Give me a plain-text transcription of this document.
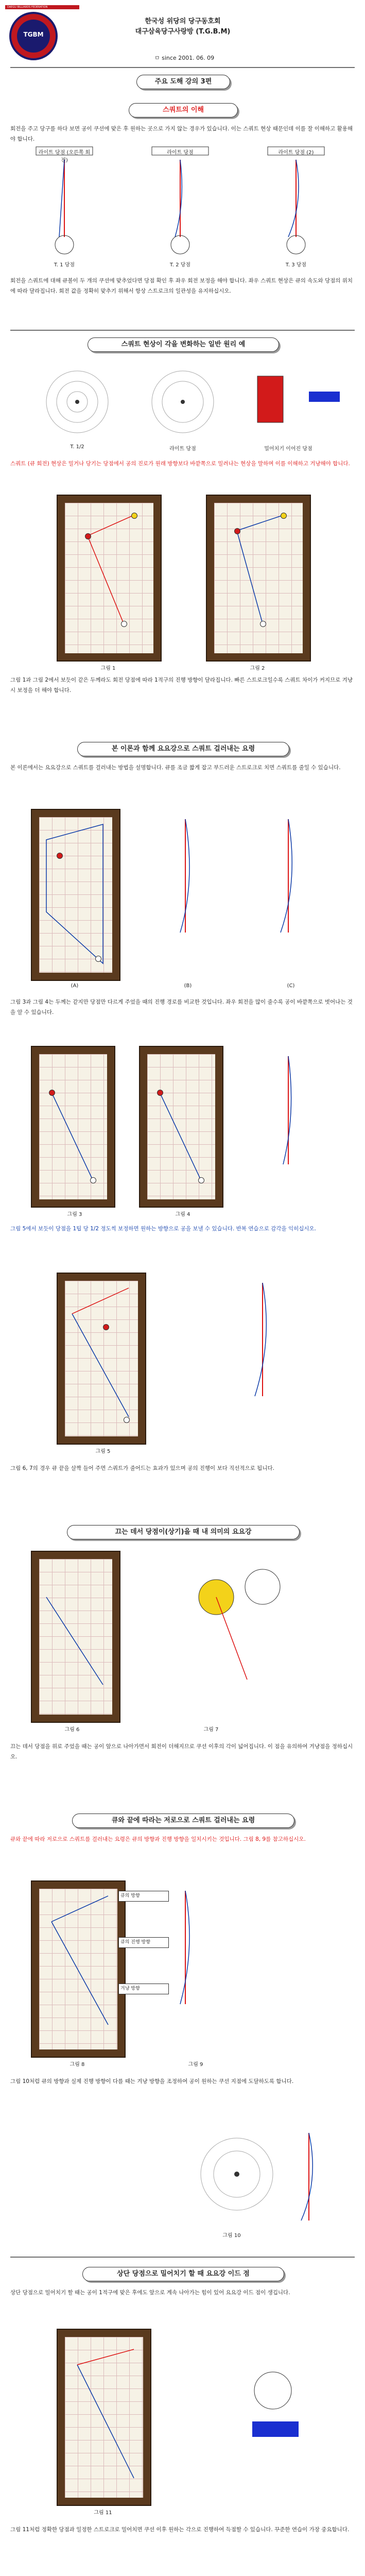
DAEGU BILLIARDS FEDERATION
TGBM
한국성 위당의 당구동호회
대구삼육당구사랑방 (T.G.B.M)
ㅁ since 2001. 06. 09
주요 도해 강의 3편
스쿼트의 이해
회전을 주고 당구를 하다 보면 공이 쿠션에 맞은 후 원하는 곳으로 가지 않는 경우가 있습니다. 이는 스쿼트 현상 때문인데 이를 잘 이해하고 활용해야 합니다.
라이트 당점 (오른쪽 회전)
라이트 당점	라이트 당점 (2)
T. 1 당점	T. 2 당점	T. 3 당점
회전을 스쿼트에 대해 큐볼이 두 개의 쿠션에 맞추었다면 당점 확인 후 좌우 회전 보정을 해야 합니다. 좌우 스쿼트 현상은 큐의 속도와 당점의 위치에 따라 달라집니다. 회전 값을 정확히 맞추기 위해서 항상 스트로크의 일관성을 유지하십시오.
스쿼트 현상이 각을 변화하는 일반 원리 예
T. 1/2	라이트 당점	밀어치기 이어진 당점
스쿼트 (큐 회전) 현상은 밀거나 당기는 당점에서 공의 진로가 원래 방향보다 바깥쪽으로 밀려나는 현상을 말하며 이를 이해하고 겨냥해야 합니다.
그림 1	그림 2
그림 1과 그림 2에서 보듯이 같은 두께라도 회전 당점에 따라 1적구의 진행 방향이 달라집니다. 빠른 스트로크일수록 스쿼트 차이가 커지므로 겨냥 시 보정을 더 해야 합니다.
본 이론과 함께 요요강으로 스쿼트 걸러내는 요령
본 이론에서는 요요강으로 스쿼트를 걸러내는 방법을 설명합니다. 큐를 조금 짧게 잡고 부드러운 스트로크로 치면 스쿼트를 줄일 수 있습니다.
(A)	(B)	(C)
그림 3과 그림 4는 두께는 같지만 당점만 다르게 주었을 때의 진행 경로를 비교한 것입니다. 좌우 회전을 많이 줄수록 공이 바깥쪽으로 벗어나는 것을 알 수 있습니다.
그림 3	그림 4
그림 5에서 보듯이 당점을 1팁 당 1/2 정도씩 보정하면 원하는 방향으로 공을 보낼 수 있습니다. 반복 연습으로 감각을 익히십시오.
그림 5
그림 6, 7의 경우 큐 끝을 살짝 들어 주면 스쿼트가 줄어드는 효과가 있으며 공의 진행이 보다 직선적으로 됩니다.
끄는 데서 당점이(상기)을 때 내 의미의 요요강
그림 6	그림 7
끄는 데서 당점을 위로 주었을 때는 공이 앞으로 나아가면서 회전이 더해지므로 쿠션 이후의 각이 넓어집니다. 이 점을 유의하여 겨냥점을 정하십시오.
큐와 끝에 따라는 저로으로 스쿼트 걸러내는 요령
큐와 끝에 따라 저로으로 스쿼트를 걸러내는 요령은 큐의 방향과 진행 방향을 일치시키는 것입니다. 그림 8, 9를 참고하십시오.
큐의 방향
큐의 진행 방향
겨냥 방향
그림 8	그림 9
그림 10처럼 큐의 방향과 실제 진행 방향이 다를 때는 겨냥 방향을 조정하여 공이 원하는 쿠션 지점에 도달하도록 합니다.
그림 10
상단 당점으로 밀어치기 할 때 요요강 이드 점
상단 당점으로 밀어치기 할 때는 공이 1적구에 맞은 후에도 앞으로 계속 나아가는 힘이 있어 요요강 이드 점이 생깁니다.
그림 11
그림 11처럼 정확한 당점과 일정한 스트로크로 밀어치면 쿠션 이후 원하는 각으로 진행하여 득점할 수 있습니다. 꾸준한 연습이 가장 중요합니다.
